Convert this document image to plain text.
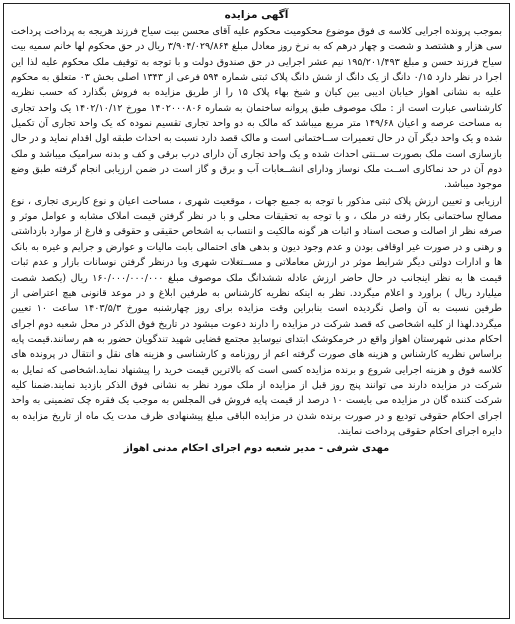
آگهی مزایده

بموجب پرونده اجرایی کلاسه ی فوق موضوع محکومیت محکوم علیه آقای محسن بیت سیاح فرزند هریجه به پرداخت پرداخت سی هزار و هشتصد و شصت و چهار درهم که به نرخ روز معادل مبلغ ۳/۹۰۴/۰۲۹/۸۶۴ ریال در حق محکوم لها خانم سمیه بیت سیاح فرزند حسن و مبلغ ۱۹۵/۲۰۱/۴۹۳ نیم عشر اجرایی در حق صندوق دولت و با توجه به توقیف ملک محکوم علیه لذا این اجرا در نظر دارد ۰/۱۵ دانگ از یک دانگ از شش دانگ پلاک ثبتی شماره ۵۹۴ فرعی از ۱۳۴۳ اصلی بخش ۰۳ متعلق به محکوم علیه به نشانی اهواز خیابان ادیبی بین کیان و شیخ بهاء پلاک ۱۵ را از طریق مزایده به فروش بگذارد که حسب نظریه کارشناسی عبارت است از : ملک موصوف طبق پروانه ساختمان به شماره ۱۴۰۲۰۰۰۸۰۶ مورخ ۱۴۰۲/۱۰/۱۲ یک واحد تجاری به مساحت عرصه و اعیان ۱۴۹/۶۸ متر مربع میباشد که مالک به دو واحد تجاری تقسیم نموده که یک واحد تجاری آن تکمیل شده و یک واحد دیگر آن در حال تعمیرات ســاختمانی است و مالک قصد دارد نسبت به احداث طبقه اول اقدام نماید و در حال بازسازی است ملک بصورت ســنتی احداث شده و یک واحد تجاری آن دارای درب برقی و کف و بدنه سرامیک میباشد و ملک دوم آن در حد نماکاری اســت ملک نوساز ودارای انشــعابات آب و برق و گاز است در ضمن ارزیابی انجام گرفته طبق وضع موجود میباشد.

ارزیابی و تعیین ارزش پلاک ثبتی مذکور با توجه به جمیع جهات ، موقعیت شهری ، مساحت اعیان و نوع کاربری تجاری ، نوع مصالح ساختمانی بکار رفته در ملک ، و با توجه به تحقیقات محلی و با در نظر گرفتن قیمت املاک مشابه و عوامل موثر و صرفه نظر از اصالت و صحت اسناد و اثبات هر گونه مالکیت و انتساب به اشخاص حقیقی و حقوقی و فارغ از موارد بازداشتی و رهنی و در صورت غیر اوقافی بودن و عدم وجود دیون و بدهی های احتمالی بابت مالیات و عوارض و جرایم و غیره به بانک ها و ادارات دولتی دیگر شرایط موثر در ارزش معاملاتی و مســتغلات شهری وبا درنظر گرفتن نوسانات بازار و عدم ثبات قیمت ها به نظر اینجانب در حال حاضر ارزش عادله ششدانگ ملک موصوف مبلغ ۱۶۰/۰۰۰/۰۰۰/۰۰۰ ریال (یکصد شصت میلیارد ریال ) براورد و اعلام میگردد. نظر به اینکه نظریه کارشناس به طرفین ابلاغ و در موعد قانونی هیچ اعتراضی از طرفین نسبت به آن واصل نگردیده است بنابراین وقت مزایده برای روز چهارشنبه مورخ ۱۴۰۳/۵/۳ ساعت ۱۰ تعیین میگردد.لهذا از کلیه اشخاصی که قصد شرکت در مزایده را دارند دعوت میشود در تاریخ فوق الذکر در محل شعبه دوم اجرای احکام مدنی شهرستان اهواز واقع در خرمکوشک ابتدای نیوسایدِ مجتمع قضایی شهید تندگویان حضور به هم رسانند.قیمت پایه براساس نظریه کارشناس و هزینه های صورت گرفته اعم از روزنامه و کارشناسی و هزینه های نقل و انتقال در پرونده های کلاسه فوق و هزینه اجرایی شروع و برنده مزایده کسی است که بالاترین قیمت خرید را پیشنهاد نماید.اشخاصی که تمایل به شرکت در مزایده دارند می توانند پنج روز قبل از مزایده از ملک مورد نظر به نشانی فوق الذکر بازدید نمایند.ضمنا کلیه شرکت کننده گان در مزایده می بایست ۱۰ درصد از قیمت پایه فروش فی المجلس به موجب یک فقره چک تضمینی به واحد اجرای احکام حقوقی تودیع و در صورت برنده شدن در مزایده الباقی مبلغ پیشنهادی ظرف مدت یک ماه از تاریخ مزایده به دایره اجرای احکام حقوقی پرداخت نمایند.

مهدی شرفی - مدیر شعبه دوم اجرای احکام مدنی اهواز
